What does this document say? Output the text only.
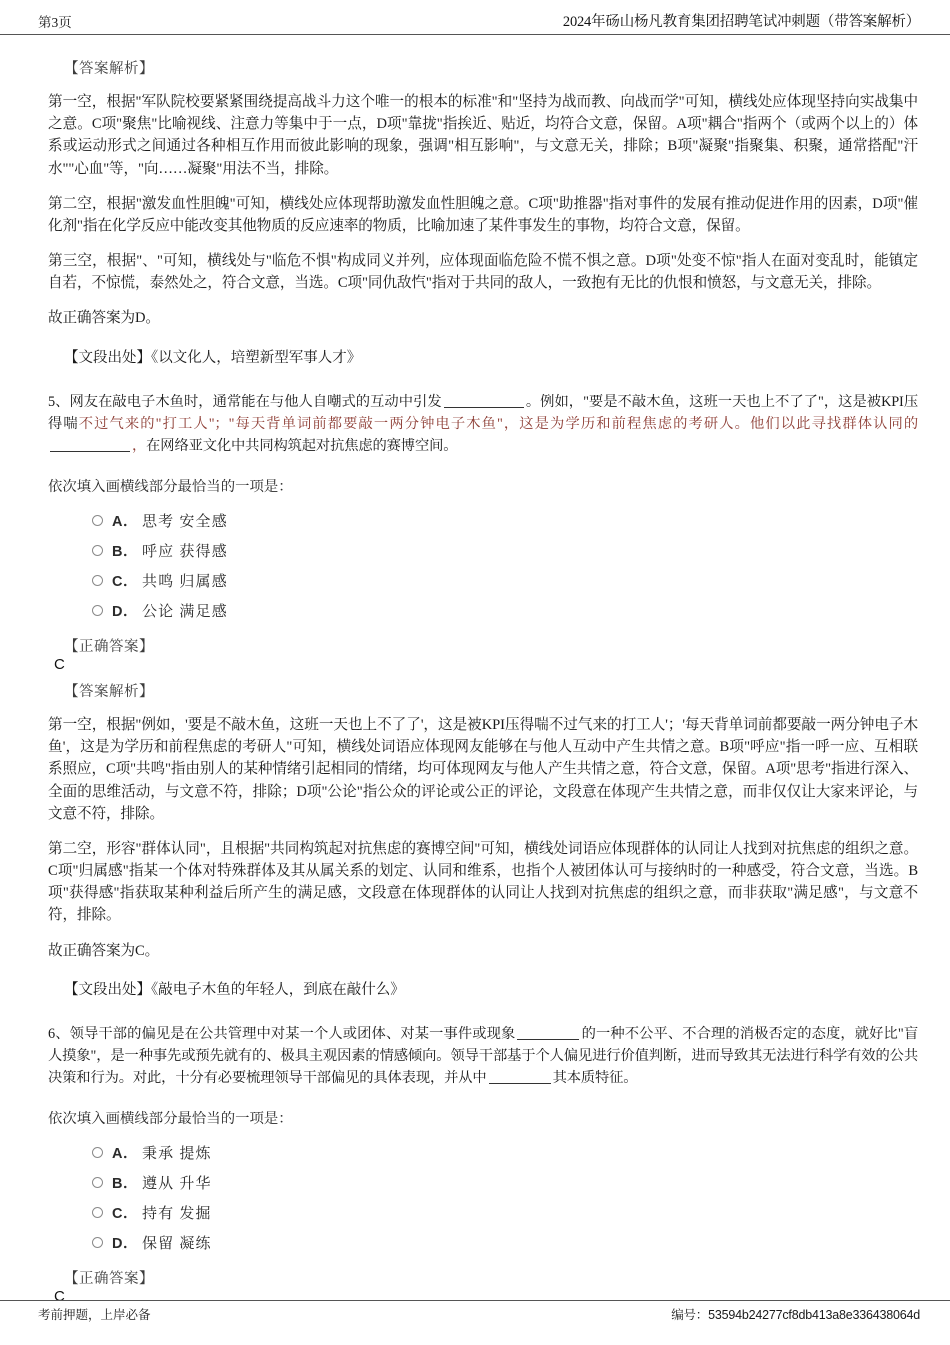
第3页	2024年砀山杨凡教育集团招聘笔试冲刺题（带答案解析）
【答案解析】
第一空，根据"军队院校要紧紧围绕提高战斗力这个唯一的根本的标准"和"坚持为战而教、向战而学"可知，横线处应体现坚持向实战集中之意。C项"聚焦"比喻视线、注意力等集中于一点，D项"靠拢"指挨近、贴近，均符合文意，保留。A项"耦合"指两个（或两个以上的）体系或运动形式之间通过各种相互作用而彼此影响的现象，强调"相互影响"，与文意无关，排除；B项"凝聚"指聚集、积聚，通常搭配"汗水""心血"等，"向……凝聚"用法不当，排除。
第二空，根据"激发血性胆魄"可知，横线处应体现帮助激发血性胆魄之意。C项"助推器"指对事件的发展有推动促进作用的因素，D项"催化剂"指在化学反应中能改变其他物质的反应速率的物质，比喻加速了某件事发生的事物，均符合文意，保留。
第三空，根据"、"可知，横线处与"临危不惧"构成同义并列，应体现面临危险不慌不惧之意。D项"处变不惊"指人在面对变乱时，能镇定自若，不惊慌，泰然处之，符合文意，当选。C项"同仇敌忾"指对于共同的敌人，一致抱有无比的仇恨和愤怒，与文意无关，排除。
故正确答案为D。
【文段出处】《以文化人，培塑新型军事人才》
5、网友在敲电子木鱼时，通常能在与他人自嘲式的互动中引发	。例如，"要是不敲木鱼，这班一天也上不了了"，这是被KPI压得喘不过气来的"打工人"；"每天背单词前都要敲一两分钟电子木鱼"，这是为学历和前程焦虑的考研人。他们以此寻找群体认同的，在网络亚文化中共同构筑起对抗焦虑的赛博空间。
依次填入画横线部分最恰当的一项是：
A． 思考 安全感
B． 呼应 获得感
C． 共鸣 归属感
D． 公论 满足感
【正确答案】
C
【答案解析】
第一空，根据"例如，'要是不敲木鱼，这班一天也上不了了'，这是被KPI压得喘不过气来的打工人'；'每天背单词前都要敲一两分钟电子木鱼'，这是为学历和前程焦虑的考研人"可知，横线处词语应体现网友能够在与他人互动中产生共情之意。B项"呼应"指一呼一应、互相联系照应，C项"共鸣"指由别人的某种情绪引起相同的情绪，均可体现网友与他人产生共情之意，符合文意，保留。A项"思考"指进行深入、全面的思维活动，与文意不符，排除；D项"公论"指公众的评论或公正的评论，文段意在体现产生共情之意，而非仅仅让大家来评论，与文意不符，排除。
第二空，形容"群体认同"，且根据"共同构筑起对抗焦虑的赛博空间"可知，横线处词语应体现群体的认同让人找到对抗焦虑的组织之意。C项"归属感"指某一个体对特殊群体及其从属关系的划定、认同和维系，也指个人被团体认可与接纳时的一种感受，符合文意，当选。B项"获得感"指获取某种利益后所产生的满足感，文段意在体现群体的认同让人找到对抗焦虑的组织之意，而非获取"满足感"，与文意不符，排除。
故正确答案为C。
【文段出处】《敲电子木鱼的年轻人，到底在敲什么》
6、领导干部的偏见是在公共管理中对某一个人或团体、对某一事件或现象	的一种不公平、不合理的消极否定的态度，就好比"盲人摸象"，是一种事先或预先就有的、极具主观因素的情感倾向。领导干部基于个人偏见进行价值判断，进而导致其无法进行科学有效的公共决策和行为。对此，十分有必要梳理领导干部偏见的具体表现，并从中	其本质特征。
依次填入画横线部分最恰当的一项是：
A． 秉承 提炼
B． 遵从 升华
C． 持有 发掘
D． 保留 凝练
【正确答案】
C
考前押题，上岸必备	编号：53594b24277cf8db413a8e336438064d
